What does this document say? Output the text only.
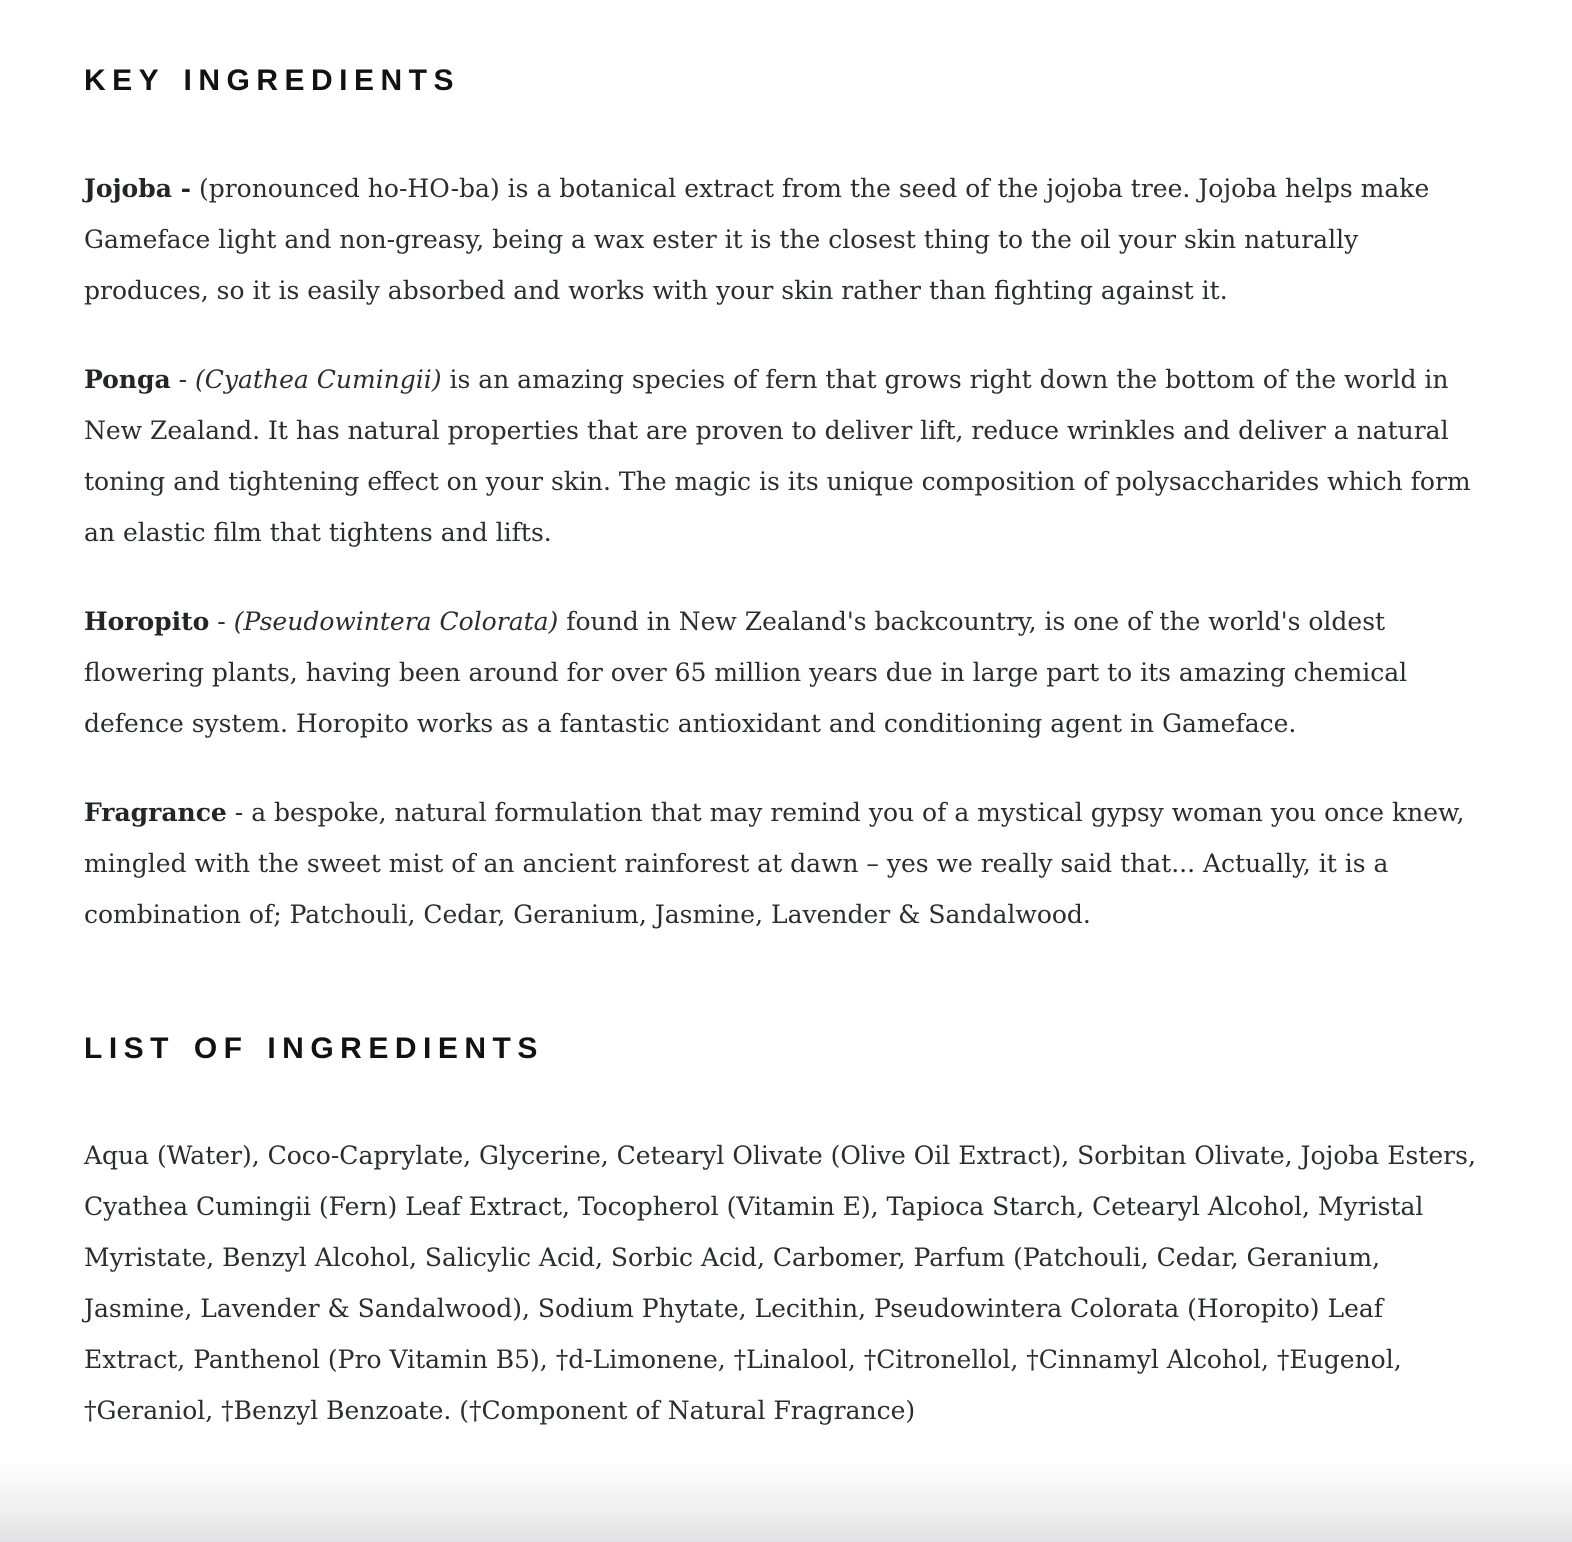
KEY INGREDIENTS

Jojoba - (pronounced ho-HO-ba) is a botanical extract from the seed of the jojoba tree. Jojoba helps make Gameface light and non-greasy, being a wax ester it is the closest thing to the oil your skin naturally produces, so it is easily absorbed and works with your skin rather than fighting against it.

Ponga - (Cyathea Cumingii) is an amazing species of fern that grows right down the bottom of the world in New Zealand. It has natural properties that are proven to deliver lift, reduce wrinkles and deliver a natural toning and tightening effect on your skin. The magic is its unique composition of polysaccharides which form an elastic film that tightens and lifts.

Horopito - (Pseudowintera Colorata) found in New Zealand's backcountry, is one of the world's oldest flowering plants, having been around for over 65 million years due in large part to its amazing chemical defence system. Horopito works as a fantastic antioxidant and conditioning agent in Gameface.

Fragrance - a bespoke, natural formulation that may remind you of a mystical gypsy woman you once knew, mingled with the sweet mist of an ancient rainforest at dawn – yes we really said that... Actually, it is a combination of; Patchouli, Cedar, Geranium, Jasmine, Lavender & Sandalwood.

LIST OF INGREDIENTS

Aqua (Water), Coco-Caprylate, Glycerine, Cetearyl Olivate (Olive Oil Extract), Sorbitan Olivate, Jojoba Esters, Cyathea Cumingii (Fern) Leaf Extract, Tocopherol (Vitamin E), Tapioca Starch, Cetearyl Alcohol, Myristal Myristate, Benzyl Alcohol, Salicylic Acid, Sorbic Acid, Carbomer, Parfum (Patchouli, Cedar, Geranium, Jasmine, Lavender & Sandalwood), Sodium Phytate, Lecithin, Pseudowintera Colorata (Horopito) Leaf Extract, Panthenol (Pro Vitamin B5), †d-Limonene, †Linalool, †Citronellol, †Cinnamyl Alcohol, †Eugenol, †Geraniol, †Benzyl Benzoate. (†Component of Natural Fragrance)
